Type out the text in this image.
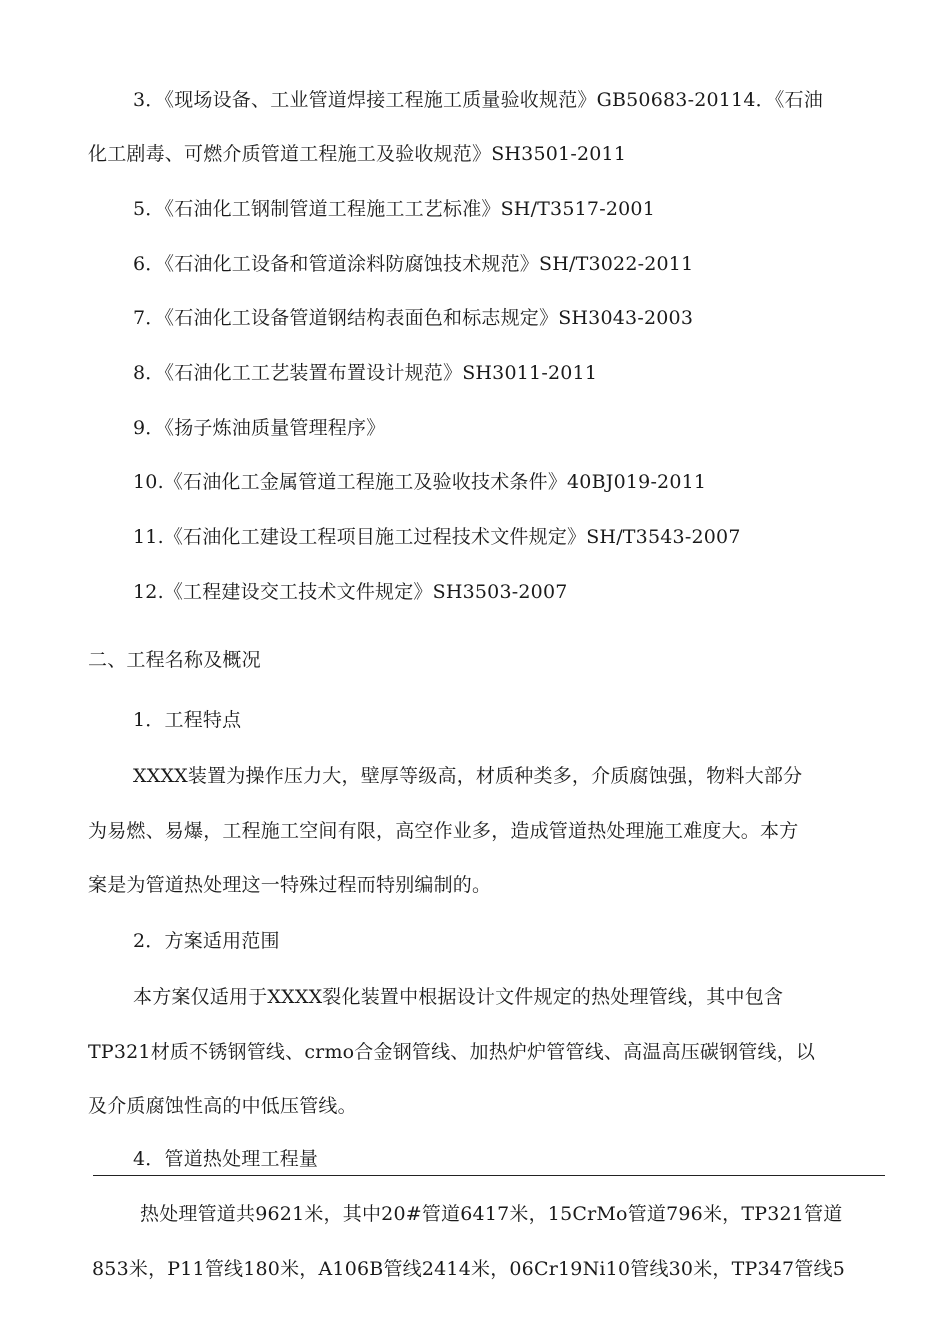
3．《现场设备、工业管道焊接工程施工质量验收规范》GB50683-20114．《石油
化工剧毒、可燃介质管道工程施工及验收规范》SH3501-2011
5．《石油化工钢制管道工程施工工艺标准》SH/T3517-2001
6．《石油化工设备和管道涂料防腐蚀技术规范》SH/T3022-2011
7．《石油化工设备管道钢结构表面色和标志规定》SH3043-2003
8．《石油化工工艺装置布置设计规范》SH3011-2011
9．《扬子炼油质量管理程序》
10.《石油化工金属管道工程施工及验收技术条件》40BJ019-2011
11.《石油化工建设工程项目施工过程技术文件规定》SH/T3543-2007
12.《工程建设交工技术文件规定》SH3503-2007
二、工程名称及概况
1．工程特点
XXXX装置为操作压力大，壁厚等级高，材质种类多，介质腐蚀强，物料大部分
为易燃、易爆，工程施工空间有限，高空作业多，造成管道热处理施工难度大。本方
案是为管道热处理这一特殊过程而特别编制的。
2．方案适用范围
本方案仅适用于XXXX裂化装置中根据设计文件规定的热处理管线，其中包含
TP321材质不锈钢管线、crmo合金钢管线、加热炉炉管管线、高温高压碳钢管线，以
及介质腐蚀性高的中低压管线。
4．管道热处理工程量
热处理管道共9621米，其中20#管道6417米，15CrMo管道796米，TP321管道
853米，P11管线180米，A106B管线2414米，06Cr19Ni10管线30米，TP347管线5
